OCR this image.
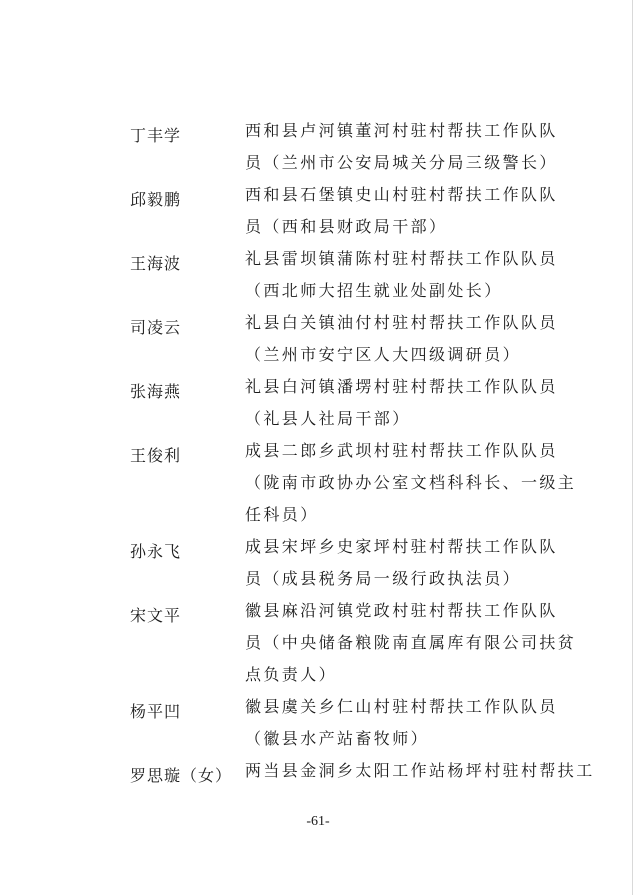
丁丰学	西和县卢河镇董河村驻村帮扶工作队队
员（兰州市公安局城关分局三级警长）
邱毅鹏	西和县石堡镇史山村驻村帮扶工作队队
员（西和县财政局干部）
王海波	礼县雷坝镇蒲陈村驻村帮扶工作队队员
（西北师大招生就业处副处长）
司凌云	礼县白关镇油付村驻村帮扶工作队队员
（兰州市安宁区人大四级调研员）
张海燕	礼县白河镇潘塄村驻村帮扶工作队队员
（礼县人社局干部）
王俊利	成县二郎乡武坝村驻村帮扶工作队队员
（陇南市政协办公室文档科科长、一级主
任科员）
孙永飞	成县宋坪乡史家坪村驻村帮扶工作队队
员（成县税务局一级行政执法员）
宋文平	徽县麻沿河镇党政村驻村帮扶工作队队
员（中央储备粮陇南直属库有限公司扶贫
点负责人）
杨平凹	徽县虞关乡仁山村驻村帮扶工作队队员
（徽县水产站畜牧师）
罗思璇（女） 两当县金洞乡太阳工作站杨坪村驻村帮扶工
-61-
